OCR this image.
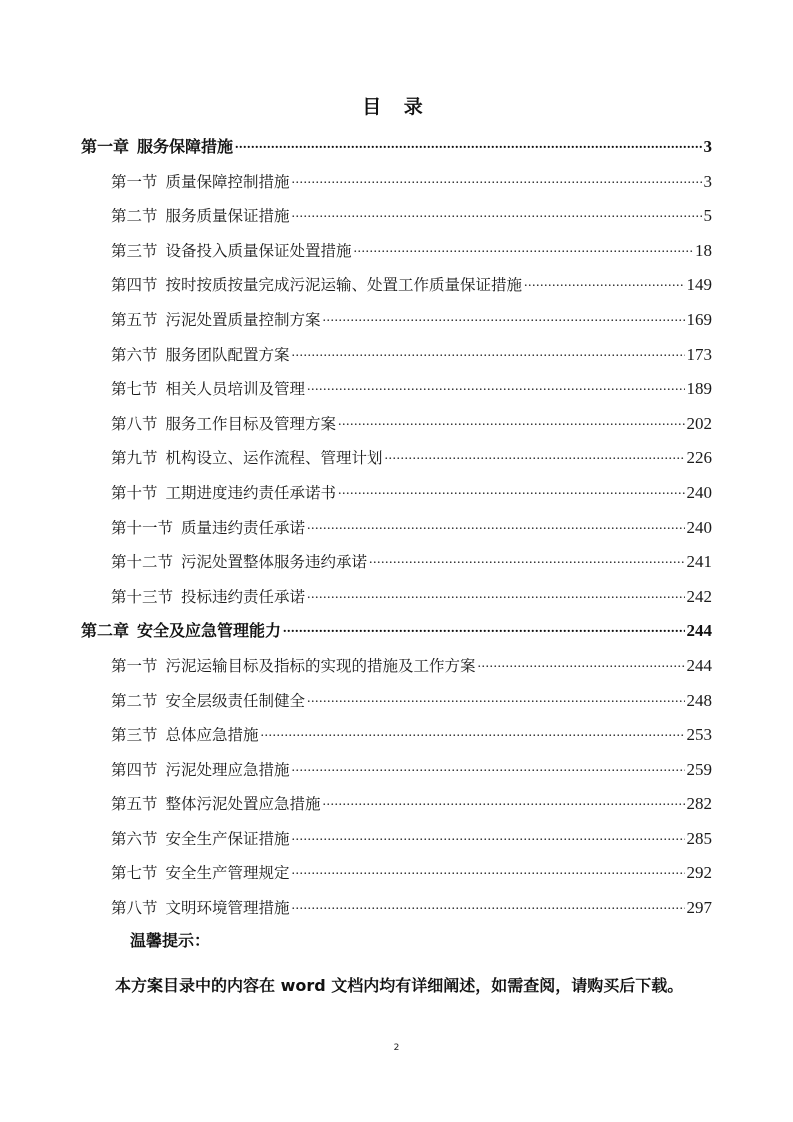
目 录
第一章 服务保障措施 .....	3
第一节 质量保障控制措施 .....	3
第二节 服务质量保证措施 .....	5
第三节 设备投入质量保证处置措施 .....	18
第四节 按时按质按量完成污泥运输、处置工作质量保证措施 .....	149
第五节 污泥处置质量控制方案 .....	169
第六节 服务团队配置方案 .....	173
第七节 相关人员培训及管理 .....	189
第八节 服务工作目标及管理方案 .....	202
第九节 机构设立、运作流程、管理计划 .....	226
第十节 工期进度违约责任承诺书 .....	240
第十一节 质量违约责任承诺 .....	240
第十二节 污泥处置整体服务违约承诺 .....	241
第十三节 投标违约责任承诺 .....	242
第二章 安全及应急管理能力 .....	244
第一节 污泥运输目标及指标的实现的措施及工作方案 .....	244
第二节 安全层级责任制健全 .....	248
第三节 总体应急措施 .....	253
第四节 污泥处理应急措施 .....	259
第五节 整体污泥处置应急措施 .....	282
第六节 安全生产保证措施 .....	285
第七节 安全生产管理规定 .....	292
第八节 文明环境管理措施 .....	297
温馨提示：
本方案目录中的内容在 word 文档内均有详细阐述，如需查阅，请购买后下载。
2
